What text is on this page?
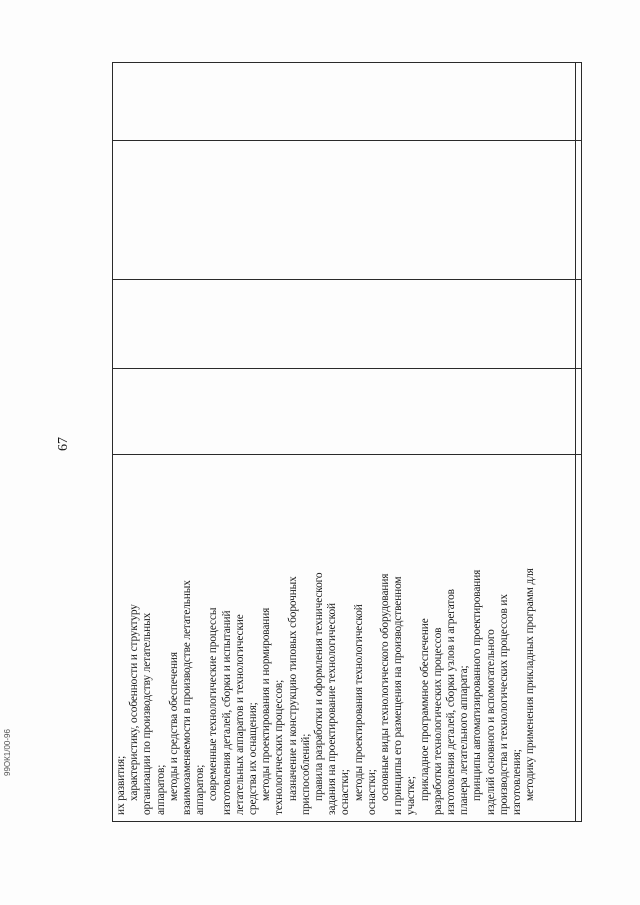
67
их развития; характеристику, особенности и структуру организации по производству летательных аппаратов; методы и средства обеспечения взаимозаменяемости в производстве летательных аппаратов; современные технологические процессы изготовления деталей, сборки и испытаний летательных аппаратов и технологические средства их оснащения; методы проектирования и нормирования технологических процессов; назначение и конструкцию типовых сборочных приспособлений; правила разработки и оформления технического задания на проектирование технологической оснастки; методы проектирования технологической оснастки; основные виды технологического оборудования и принципы его размещения на производственном участке; прикладное программное обеспечение разработки технологических процессов изготовления деталей, сборки узлов и агрегатов планера летательного аппарата; принципы автоматизированного проектирования изделий основного и вспомогательного производства и технологических процессов их изготовления; методику применения прикладных программ для
99ОК1/00-96
